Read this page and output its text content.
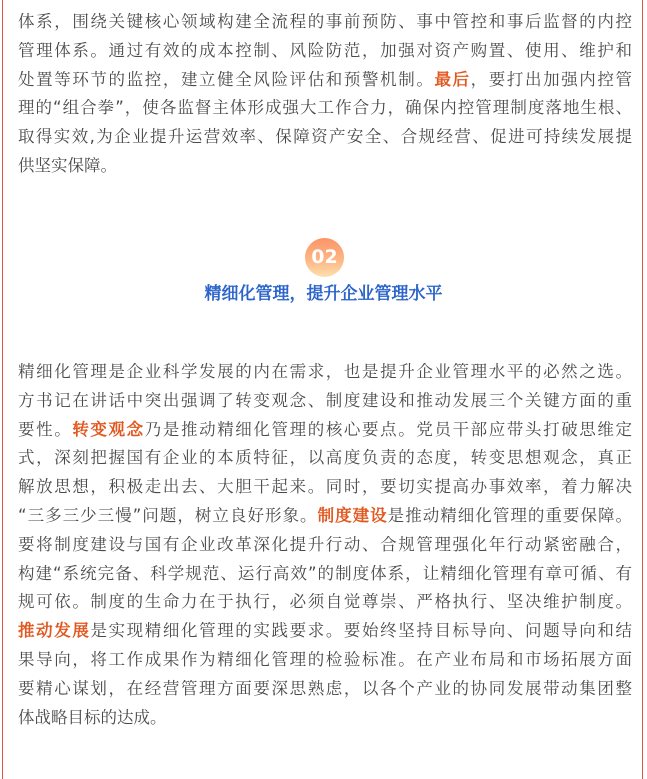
体系，围绕关键核心领域构建全流程的事前预防、事中管控和事后监督的内控
管理体系。通过有效的成本控制、风险防范，加强对资产购置、使用、维护和
处置等环节的监控，建立健全风险评估和预警机制。最后，要打出加强内控管
理的“组合拳”，使各监督主体形成强大工作合力，确保内控管理制度落地生根、
取得实效,为企业提升运营效率、保障资产安全、合规经营、促进可持续发展提
供坚实保障。
02
精细化管理，提升企业管理水平
精细化管理是企业科学发展的内在需求，也是提升企业管理水平的必然之选。
方书记在讲话中突出强调了转变观念、制度建设和推动发展三个关键方面的重
要性。转变观念乃是推动精细化管理的核心要点。党员干部应带头打破思维定
式，深刻把握国有企业的本质特征，以高度负责的态度，转变思想观念，真正
解放思想，积极走出去、大胆干起来。同时，要切实提高办事效率，着力解决
“三多三少三慢”问题，树立良好形象。制度建设是推动精细化管理的重要保障。
要将制度建设与国有企业改革深化提升行动、合规管理强化年行动紧密融合，
构建“系统完备、科学规范、运行高效”的制度体系，让精细化管理有章可循、有
规可依。制度的生命力在于执行，必须自觉尊崇、严格执行、坚决维护制度。
推动发展是实现精细化管理的实践要求。要始终坚持目标导向、问题导向和结
果导向，将工作成果作为精细化管理的检验标准。在产业布局和市场拓展方面
要精心谋划，在经营管理方面要深思熟虑，以各个产业的协同发展带动集团整
体战略目标的达成。
